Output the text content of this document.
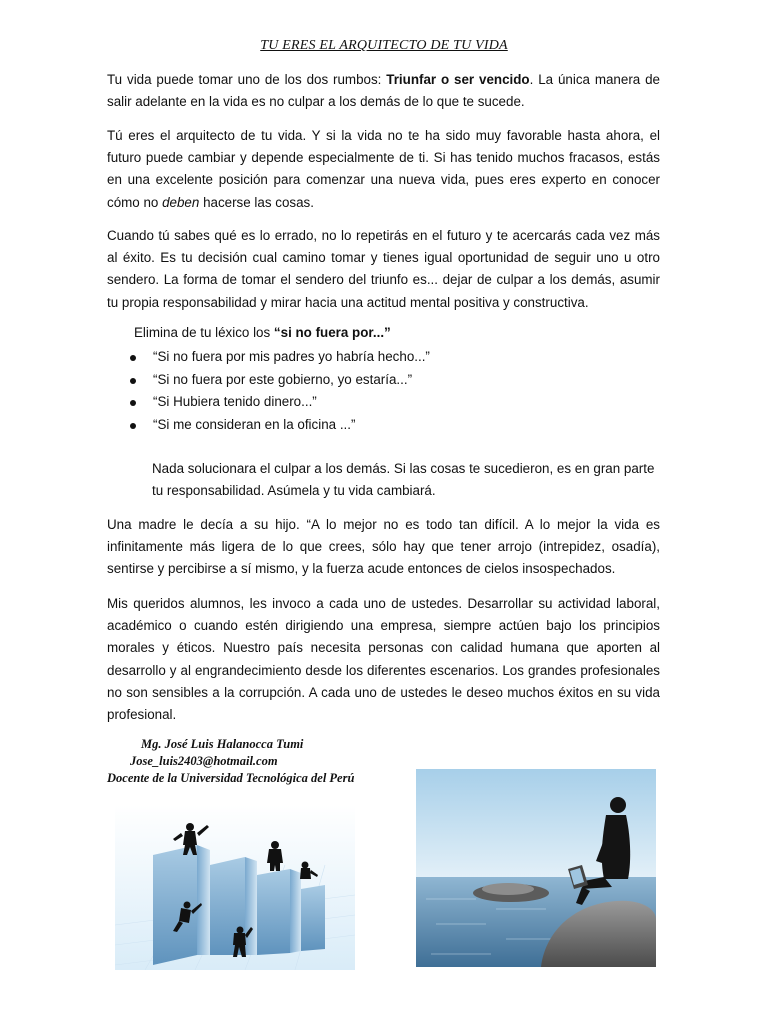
TU ERES EL ARQUITECTO DE TU VIDA

Tu vida puede tomar uno de los dos rumbos: Triunfar o ser vencido. La única manera de salir adelante en la vida es no culpar a los demás de lo que te sucede.

Tú eres el arquitecto de tu vida. Y si la vida no te ha sido muy favorable hasta ahora, el futuro puede cambiar y depende especialmente de ti. Si has tenido muchos fracasos, estás en una excelente posición para comenzar una nueva vida, pues eres experto en conocer cómo no deben hacerse las cosas.

Cuando tú sabes qué es lo errado, no lo repetirás en el futuro y te acercarás cada vez más al éxito. Es tu decisión cual camino tomar y tienes igual oportunidad de seguir uno u otro sendero. La forma de tomar el sendero del triunfo es... dejar de culpar a los demás, asumir tu propia responsabilidad y mirar hacia una actitud mental positiva y constructiva.

Elimina de tu léxico los “si no fuera por...”
“Si no fuera por mis padres yo habría hecho...”
“Si no fuera por este gobierno, yo estaría...”
“Si Hubiera tenido dinero...”
“Si me consideran en la oficina ...”

Nada solucionara el culpar a los demás. Si las cosas te sucedieron, es en gran parte tu responsabilidad. Asúmela y tu vida cambiará.

Una madre le decía a su hijo. “A lo mejor no es todo tan difícil. A lo mejor la vida es infinitamente más ligera de lo que crees, sólo hay que tener arrojo (intrepidez, osadía), sentirse y percibirse a sí mismo, y la fuerza acude entonces de cielos insospechados.

Mis queridos alumnos, les invoco a cada uno de ustedes. Desarrollar su actividad laboral, académico o cuando estén dirigiendo una empresa, siempre actúen bajo los principios morales y éticos. Nuestro país necesita personas con calidad humana que aporten al desarrollo y al engrandecimiento desde los diferentes escenarios. Los grandes profesionales no son sensibles a la corrupción. A cada uno de ustedes le deseo muchos éxitos en su vida profesional.

Mg. José Luis Halanocca Tumi
Jose_luis2403@hotmail.com
Docente de la Universidad Tecnológica del Perú
